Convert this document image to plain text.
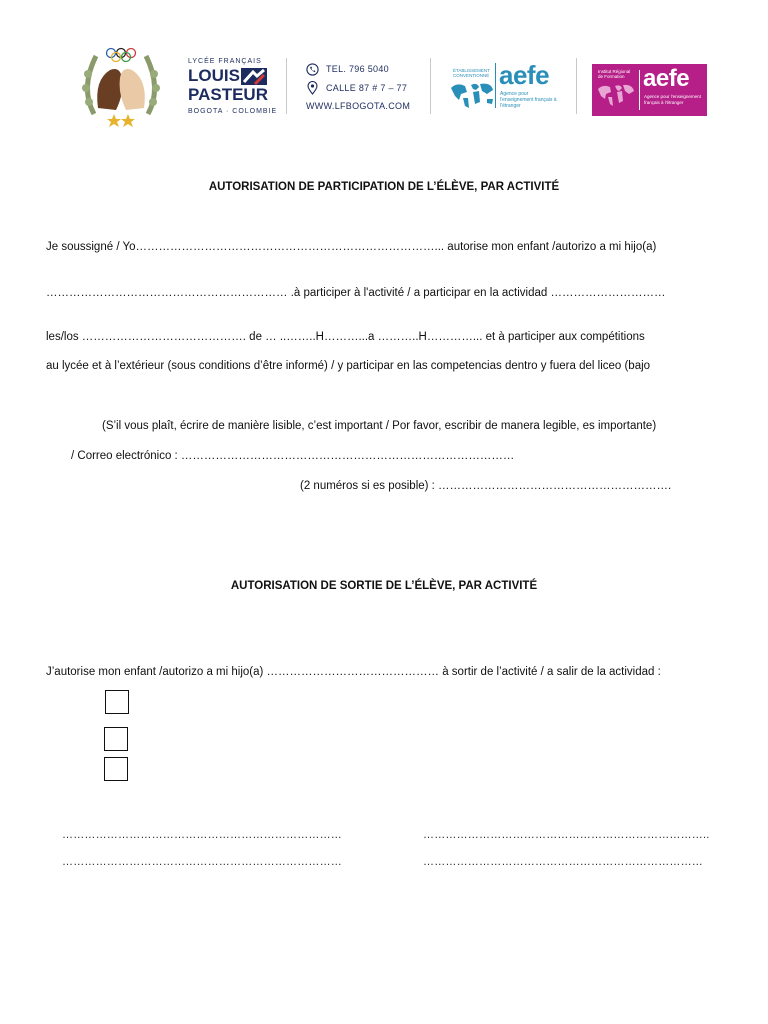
LYCÉE FRANÇAIS
LOUIS
PASTEUR
BOGOTA · COLOMBIE
TEL. 796 5040
CALLE 87 # 7 – 77
WWW.LFBOGOTA.COM
ÉTABLISSEMENT CONVENTIONNÉ aefe
Agence pour l'enseignement français à l'étranger
Institut Régional de Formation aefe
Agence pour l'enseignement français à l'étranger
AUTORISATION DE PARTICIPATION DE L’ÉLÈVE, PAR ACTIVITÉ
Je soussigné / Yo……………………………………………………………………... autorise mon enfant /autorizo a mi hijo(a)
……………………………………………………… .à participer à l'activité / a participar en la actividad …………………………
les/los ……………………………………. de … ..……..H………...a ………..H…………... et à participer aux compétitions
au lycée et à l’extérieur (sous conditions d’être informé) / y participar en las competencias dentro y fuera del liceo (bajo
(S’il vous plaît, écrire de manière lisible, c’est important / Por favor, escribir de manera legible, es importante)
/ Correo electrónico : ……………………………………………………………………………
(2 numéros si es posible) : …………………………………………………….
AUTORISATION DE SORTIE DE L’ÉLÈVE, PAR ACTIVITÉ
J’autorise mon enfant /autorizo a mi hijo(a) ……………………………………… à sortir de l’activité / a salir de la actividad :
…………………………………………………………………
…………………………………………………………………
…………………………………………………………………..
…………………………………………………………………
